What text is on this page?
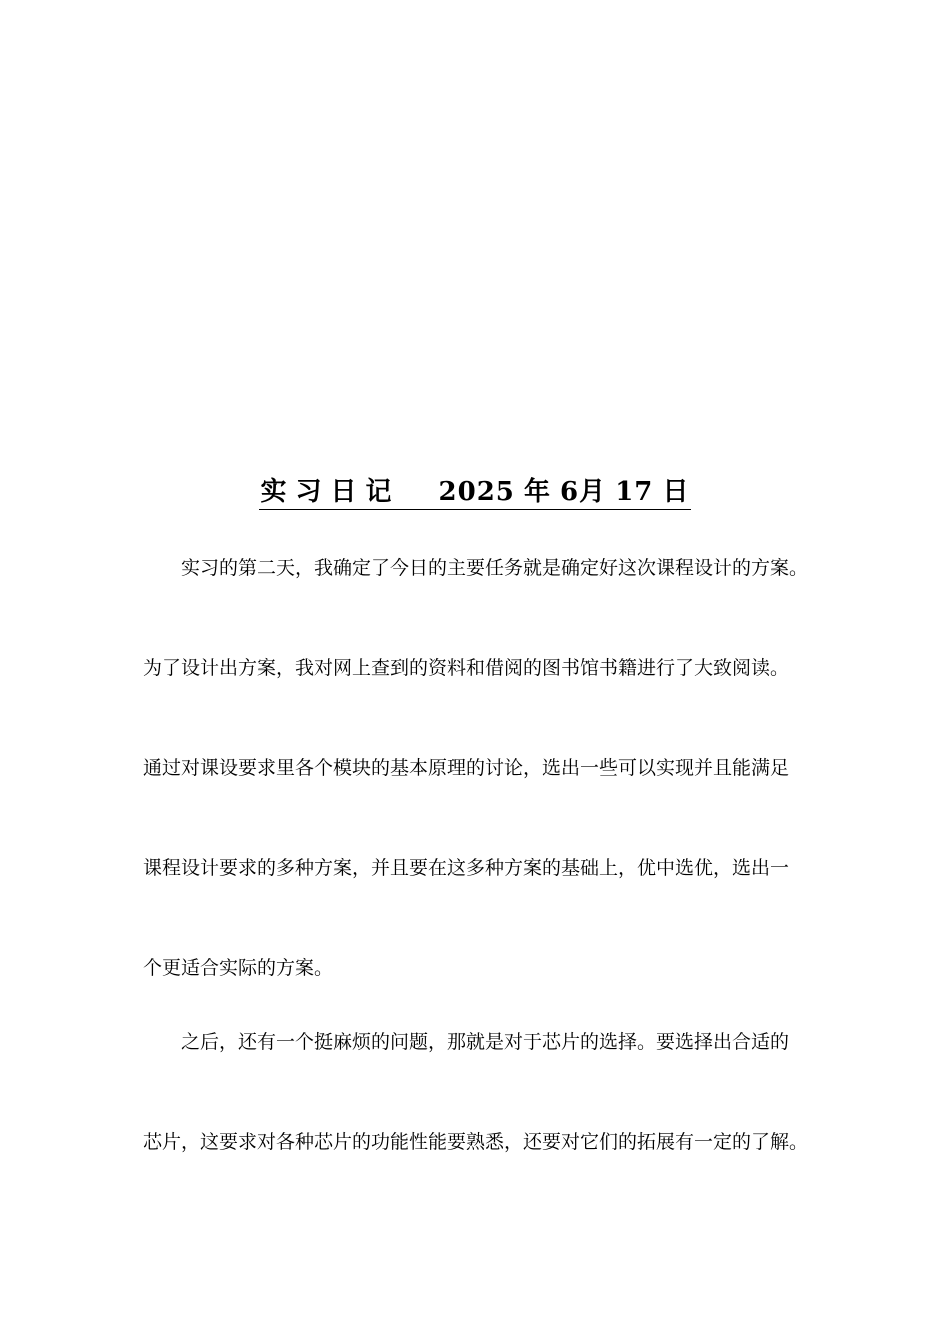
实习日记 2025 年 6月 17 日
实习的第二天，我确定了今日的主要任务就是确定好这次课程设计的方案。
为了设计出方案，我对网上查到的资料和借阅的图书馆书籍进行了大致阅读。
通过对课设要求里各个模块的基本原理的讨论，选出一些可以实现并且能满足
课程设计要求的多种方案，并且要在这多种方案的基础上，优中选优，选出一
个更适合实际的方案。
之后，还有一个挺麻烦的问题，那就是对于芯片的选择。要选择出合适的
芯片，这要求对各种芯片的功能性能要熟悉，还要对它们的拓展有一定的了解。
